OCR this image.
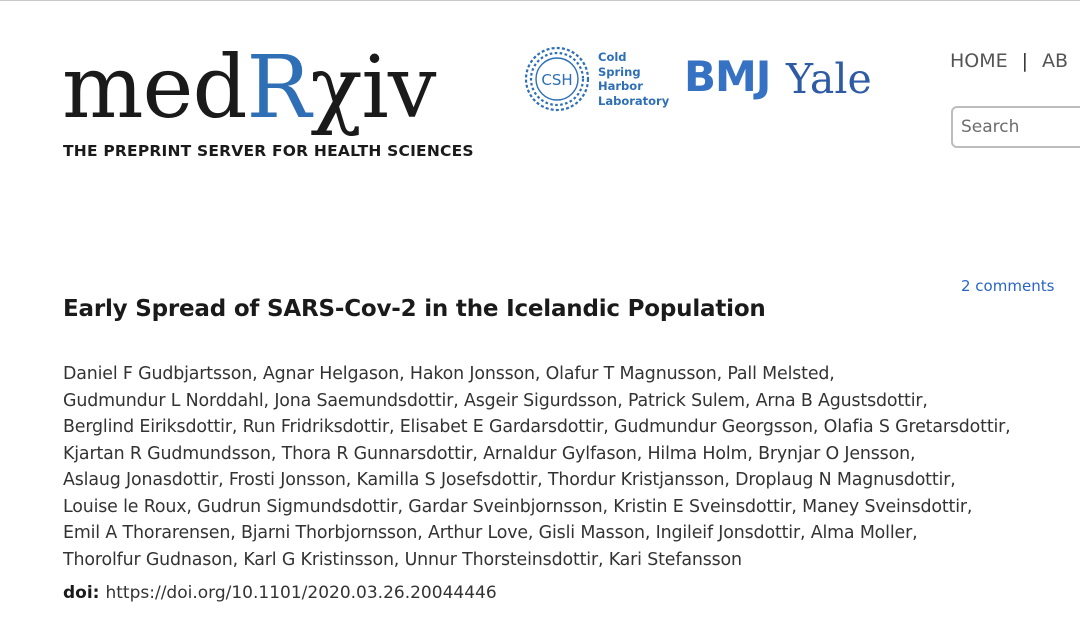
medRχiv
THE PREPRINT SERVER FOR HEALTH SCIENCES
CSH
Cold
Spring
Harbor
Laboratory BMJ Yale	HOME | AB
Search
2 comments
Early Spread of SARS-Cov-2 in the Icelandic Population
Daniel F Gudbjartsson, Agnar Helgason, Hakon Jonsson, Olafur T Magnusson, Pall Melsted,
Gudmundur L Norddahl, Jona Saemundsdottir, Asgeir Sigurdsson, Patrick Sulem, Arna B Agustsdottir,
Berglind Eiriksdottir, Run Fridriksdottir, Elisabet E Gardarsdottir, Gudmundur Georgsson, Olafia S Gretarsdottir,
Kjartan R Gudmundsson, Thora R Gunnarsdottir, Arnaldur Gylfason, Hilma Holm, Brynjar O Jensson,
Aslaug Jonasdottir, Frosti Jonsson, Kamilla S Josefsdottir, Thordur Kristjansson, Droplaug N Magnusdottir,
Louise le Roux, Gudrun Sigmundsdottir, Gardar Sveinbjornsson, Kristin E Sveinsdottir, Maney Sveinsdottir,
Emil A Thorarensen, Bjarni Thorbjornsson, Arthur Love, Gisli Masson, Ingileif Jonsdottir, Alma Moller,
Thorolfur Gudnason, Karl G Kristinsson, Unnur Thorsteinsdottir, Kari Stefansson
doi: https://doi.org/10.1101/2020.03.26.20044446
